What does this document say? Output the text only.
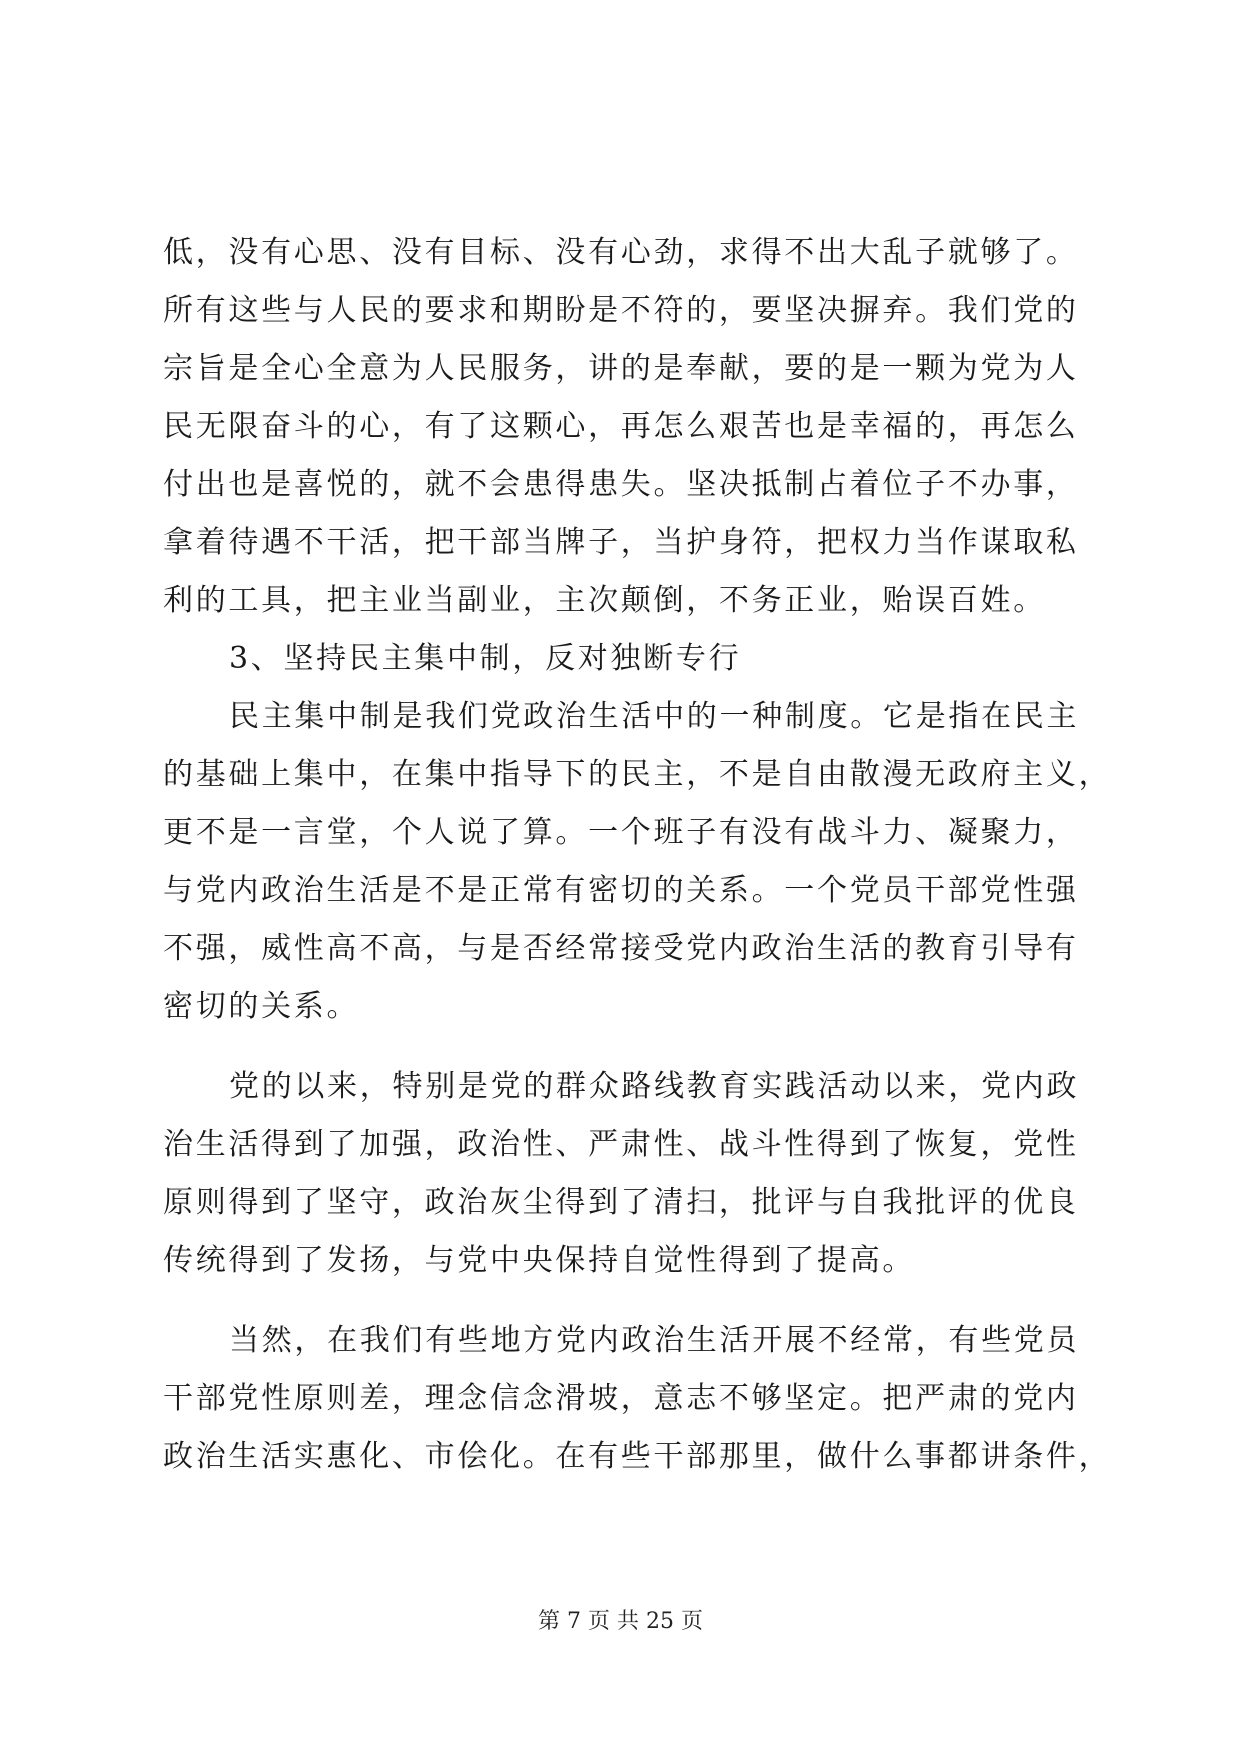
低，没有心思、没有目标、没有心劲，求得不出大乱子就够了。
所有这些与人民的要求和期盼是不符的，要坚决摒弃。我们党的
宗旨是全心全意为人民服务，讲的是奉献，要的是一颗为党为人
民无限奋斗的心，有了这颗心，再怎么艰苦也是幸福的，再怎么
付出也是喜悦的，就不会患得患失。坚决抵制占着位子不办事，
拿着待遇不干活，把干部当牌子，当护身符，把权力当作谋取私
利的工具，把主业当副业，主次颠倒，不务正业，贻误百姓。
3、坚持民主集中制，反对独断专行
民主集中制是我们党政治生活中的一种制度。它是指在民主
的基础上集中，在集中指导下的民主，不是自由散漫无政府主义，
更不是一言堂，个人说了算。一个班子有没有战斗力、凝聚力，
与党内政治生活是不是正常有密切的关系。一个党员干部党性强
不强，威性高不高，与是否经常接受党内政治生活的教育引导有
密切的关系。
党的以来，特别是党的群众路线教育实践活动以来，党内政
治生活得到了加强，政治性、严肃性、战斗性得到了恢复，党性
原则得到了坚守，政治灰尘得到了清扫，批评与自我批评的优良
传统得到了发扬，与党中央保持自觉性得到了提高。
当然，在我们有些地方党内政治生活开展不经常，有些党员
干部党性原则差，理念信念滑坡，意志不够坚定。把严肃的党内
政治生活实惠化、市侩化。在有些干部那里，做什么事都讲条件，
第 7 页 共 25 页
